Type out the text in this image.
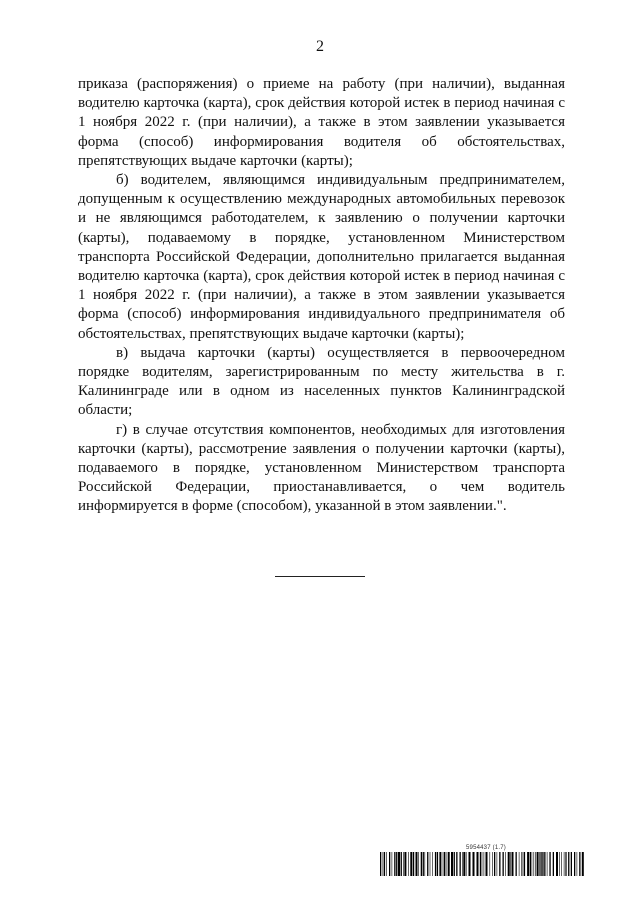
2

приказа (распоряжения) о приеме на работу (при наличии), выданная водителю карточка (карта), срок действия которой истек в период начиная с 1 ноября 2022 г. (при наличии), а также в этом заявлении указывается форма (способ) информирования водителя об обстоятельствах, препятствующих выдаче карточки (карты);

б) водителем, являющимся индивидуальным предпринимателем, допущенным к осуществлению международных автомобильных перевозок и не являющимся работодателем, к заявлению о получении карточки (карты), подаваемому в порядке, установленном Министерством транспорта Российской Федерации, дополнительно прилагается выданная водителю карточка (карта), срок действия которой истек в период начиная с 1 ноября 2022 г. (при наличии), а также в этом заявлении указывается форма (способ) информирования индивидуального предпринимателя об обстоятельствах, препятствующих выдаче карточки (карты);

в) выдача карточки (карты) осуществляется в первоочередном порядке водителям, зарегистрированным по месту жительства в г. Калининграде или в одном из населенных пунктов Калининградской области;

г) в случае отсутствия компонентов, необходимых для изготовления карточки (карты), рассмотрение заявления о получении карточки (карты), подаваемого в порядке, установленном Министерством транспорта Российской Федерации, приостанавливается, о чем водитель информируется в форме (способом), указанной в этом заявлении.".

5954437 (1.7)
